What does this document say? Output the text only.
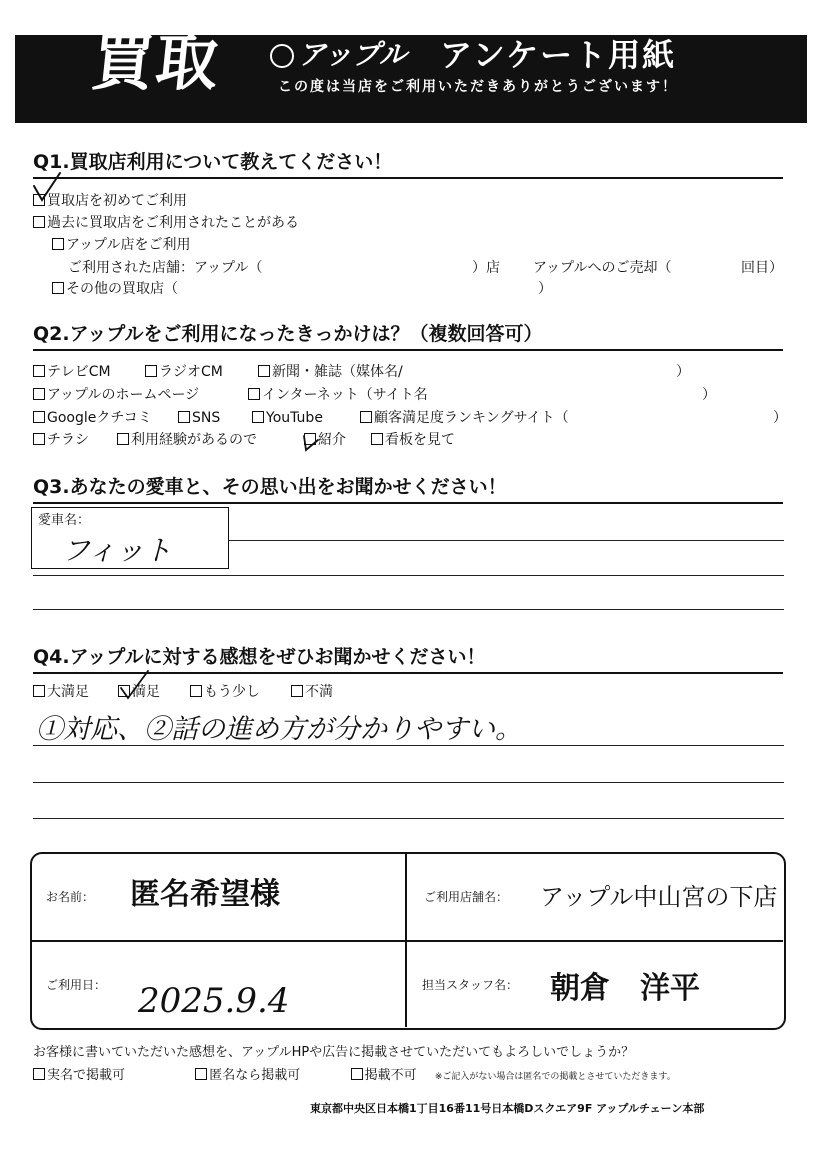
買取	アップル アンケート用紙
この度は当店をご利用いただきありがとうございます！
Q1.買取店利用について教えてください！
買取店を初めてご利用
過去に買取店をご利用されたことがある
アップル店をご利用
ご利用された店舗：アップル（	）店 アップルへのご売却（	回目）
その他の買取店（	）
Q2.アップルをご利用になったきっかけは？（複数回答可）
テレビCM	ラジオCM	新聞・雑誌（媒体名/	）
アップルのホームページ	インターネット（サイト名	）
Googleクチコミ	SNS	YouTube	顧客満足度ランキングサイト（	）
チラシ	利用経験があるので	紹介	看板を見て
Q3.あなたの愛車と、その思い出をお聞かせください！
愛車名：
フィット
Q4.アップルに対する感想をぜひお聞かせください！
大満足	満足	もう少し	不満
①対応、②話の進め方が分かりやすい。
お名前： 匿名希望様	ご利用店舗名： アップル中山宮の下店
ご利用日： 2025.9.4	担当スタッフ名： 朝倉　洋平
お客様に書いていただいた感想を、アップルHPや広告に掲載させていただいてもよろしいでしょうか？
実名で掲載可	匿名なら掲載可	掲載不可 ※ご記入がない場合は匿名での掲載とさせていただきます。
東京都中央区日本橋1丁目16番11号日本橋Dスクエア9F アップルチェーン本部
